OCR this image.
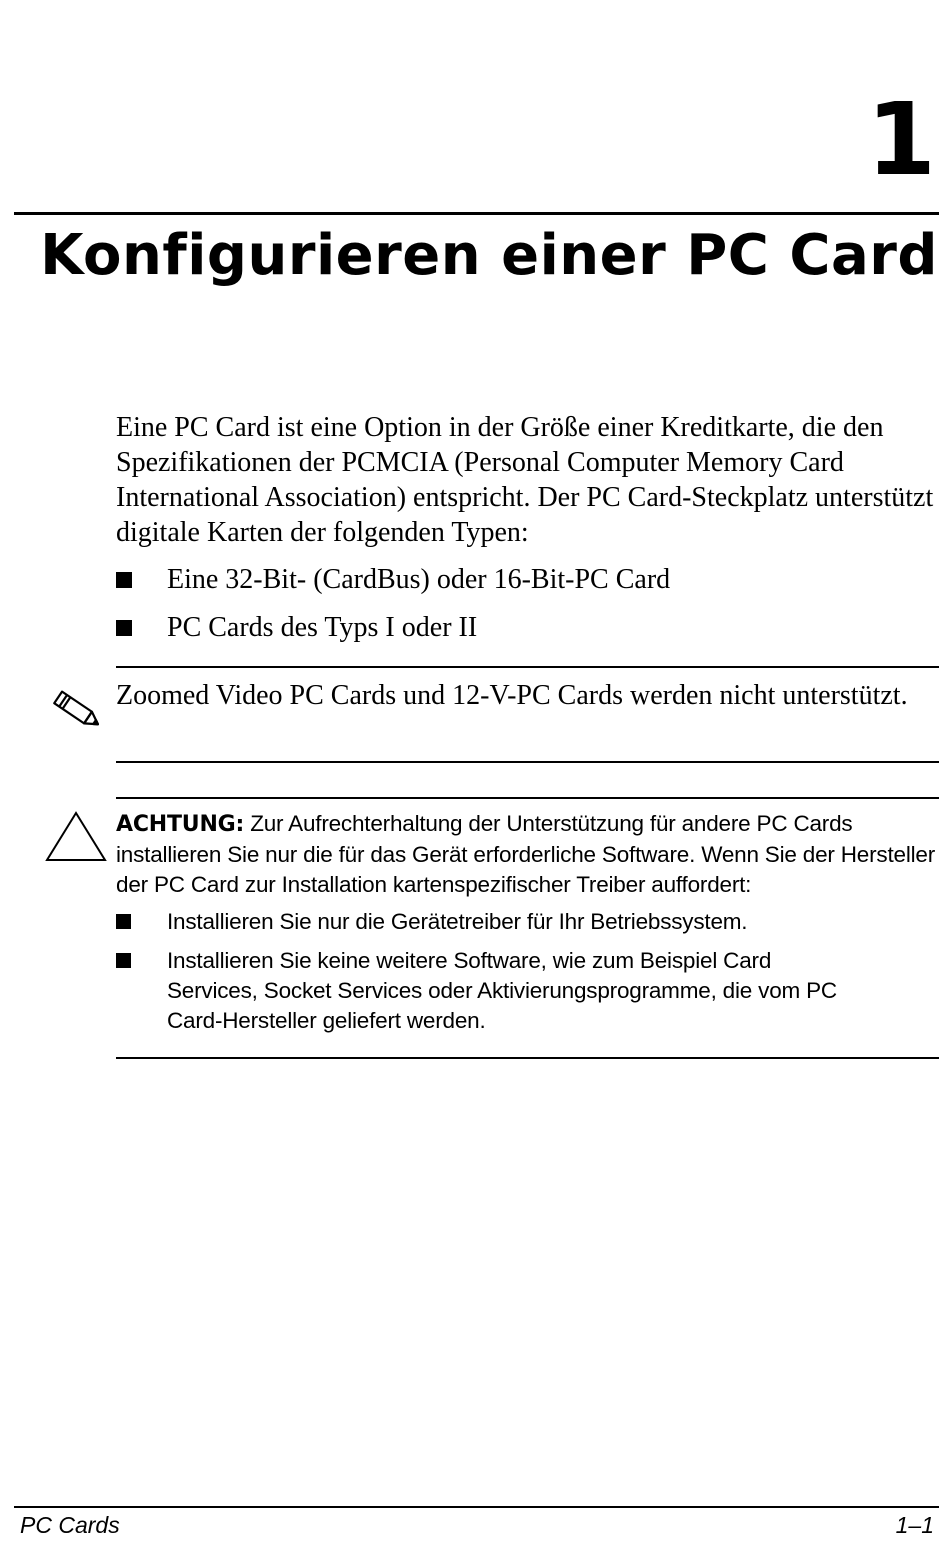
1
Konfigurieren einer PC Card

Eine PC Card ist eine Option in der Größe einer Kreditkarte, die den Spezifikationen der PCMCIA (Personal Computer Memory Card International Association) entspricht. Der PC Card-Steckplatz unterstützt digitale Karten der folgenden Typen:

Eine 32-Bit- (CardBus) oder 16-Bit-PC Card
PC Cards des Typs I oder II

Zoomed Video PC Cards und 12-V-PC Cards werden nicht unterstützt.

ACHTUNG: Zur Aufrechterhaltung der Unterstützung für andere PC Cards installieren Sie nur die für das Gerät erforderliche Software. Wenn Sie der Hersteller der PC Card zur Installation kartenspezifischer Treiber auffordert:

Installieren Sie nur die Gerätetreiber für Ihr Betriebssystem.
Installieren Sie keine weitere Software, wie zum Beispiel Card Services, Socket Services oder Aktivierungsprogramme, die vom PC Card-Hersteller geliefert werden.
PC Cards	1–1
